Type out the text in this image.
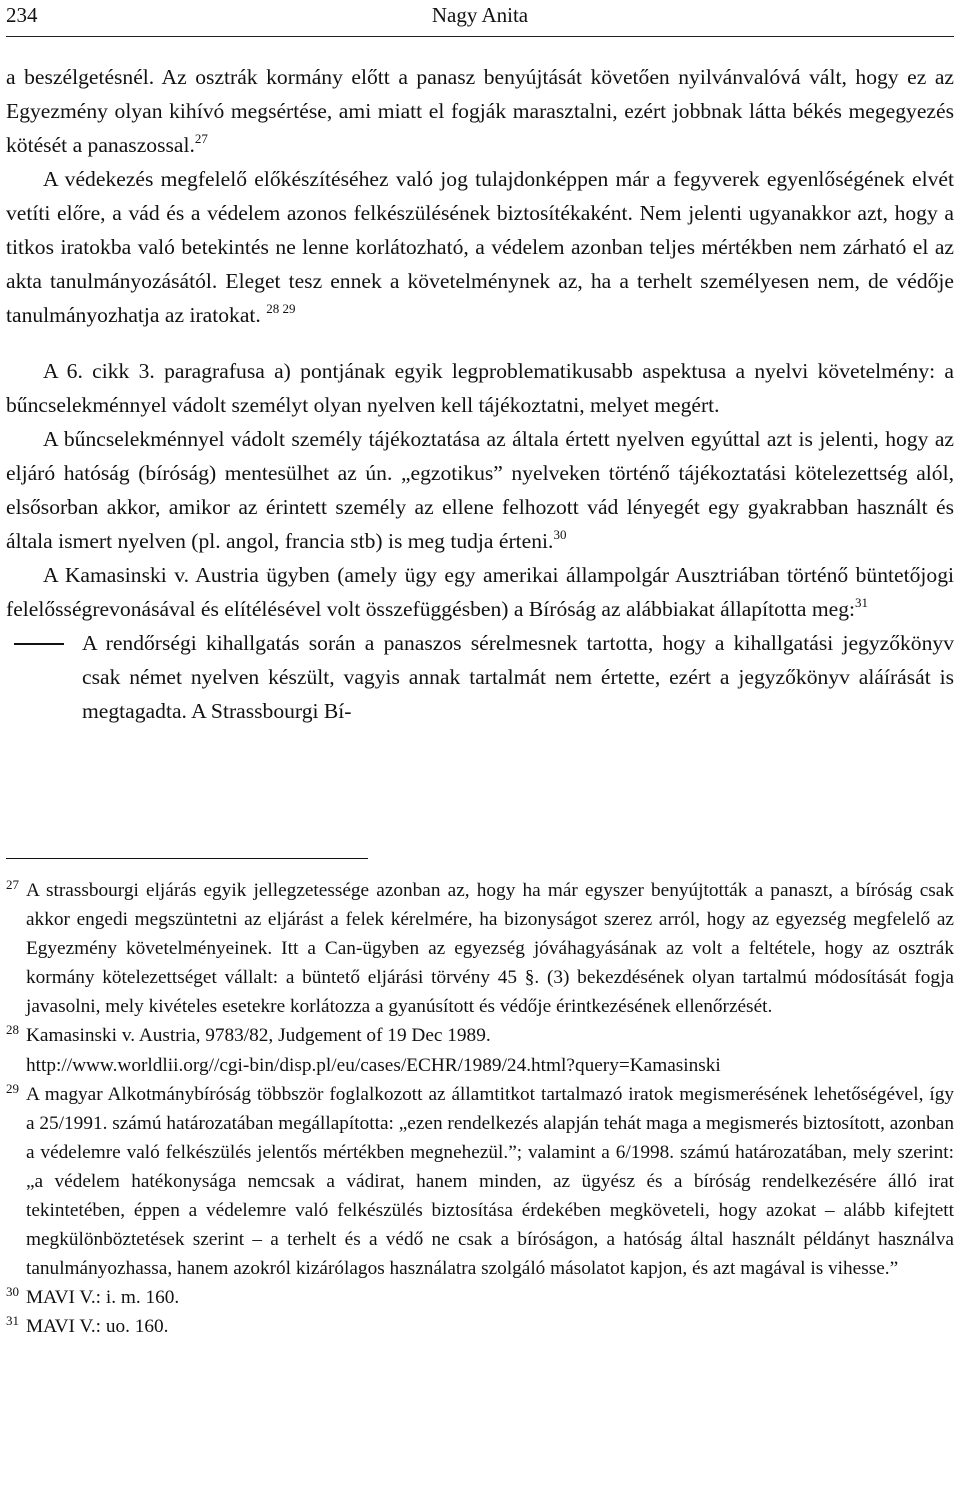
234	Nagy Anita

a beszélgetésnél. Az osztrák kormány előtt a panasz benyújtását követően nyilvánvalóvá vált, hogy ez az Egyezmény olyan kihívó megsértése, ami miatt el fogják marasztalni, ezért jobbnak látta békés megegyezés kötését a panaszossal.$^{27}$

A védekezés megfelelő előkészítéséhez való jog tulajdonképpen már a fegyverek egyenlőségének elvét vetíti előre, a vád és a védelem azonos felkészülésének biztosítékaként. Nem jelenti ugyanakkor azt, hogy a titkos iratokba való betekintés ne lenne korlátozható, a védelem azonban teljes mértékben nem zárható el az akta tanulmányozásától. Eleget tesz ennek a követelménynek az, ha a terhelt személyesen nem, de védője tanulmányozhatja az iratokat. $^{28 29}$

A 6. cikk 3. paragrafusa a) pontjának egyik legproblematikusabb aspektusa a nyelvi követelmény: a bűncselekménnyel vádolt személyt olyan nyelven kell tájékoztatni, melyet megért.

A bűncselekménnyel vádolt személy tájékoztatása az általa értett nyelven egyúttal azt is jelenti, hogy az eljáró hatóság (bíróság) mentesülhet az ún. „egzotikus” nyelveken történő tájékoztatási kötelezettség alól, elsősorban akkor, amikor az érintett személy az ellene felhozott vád lényegét egy gyakrabban használt és általa ismert nyelven (pl. angol, francia stb) is meg tudja érteni.$^{30}$

A Kamasinski v. Austria ügyben (amely ügy egy amerikai állampolgár Ausztriában történő büntetőjogi felelősségrevonásával és elítélésével volt összefüggésben) a Bíróság az alábbiakat állapította meg:$^{31}$

A rendőrségi kihallgatás során a panaszos sérelmesnek tartotta, hogy a kihallgatási jegyzőkönyv csak német nyelven készült, vagyis annak tartalmát nem értette, ezért a jegyzőkönyv aláírását is megtagadta. A Strassbourgi Bí-
27 A strassbourgi eljárás egyik jellegzetessége azonban az, hogy ha már egyszer benyújtották a panaszt, a bíróság csak akkor engedi megszüntetni az eljárást a felek kérelmére, ha bizonyságot szerez arról, hogy az egyezség megfelelő az Egyezmény követelményeinek. Itt a Can-ügyben az egyezség jóváhagyásának az volt a feltétele, hogy az osztrák kormány kötelezettséget vállalt: a büntető eljárási törvény 45 §. (3) bekezdésének olyan tartalmú módosítását fogja javasolni, mely kivételes esetekre korlátozza a gyanúsított és védője érintkezésének ellenőrzését.
28 Kamasinski v. Austria, 9783/82, Judgement of 19 Dec 1989.
http://www.worldlii.org//cgi-bin/disp.pl/eu/cases/ECHR/1989/24.html?query=Kamasinski
29 A magyar Alkotmánybíróság többször foglalkozott az államtitkot tartalmazó iratok megismerésének lehetőségével, így a 25/1991. számú határozatában megállapította: „ezen rendelkezés alapján tehát maga a megismerés biztosított, azonban a védelemre való felkészülés jelentős mértékben megnehezül.”; valamint a 6/1998. számú határozatában, mely szerint: „a védelem hatékonysága nemcsak a vádirat, hanem minden, az ügyész és a bíróság rendelkezésére álló irat tekintetében, éppen a védelemre való felkészülés biztosítása érdekében megköveteli, hogy azokat – alább kifejtett megkülönböztetések szerint – a terhelt és a védő ne csak a bíróságon, a hatóság által használt példányt használva tanulmányozhassa, hanem azokról kizárólagos használatra szolgáló másolatot kapjon, és azt magával is vihesse.”
30 MAVI V.: i. m. 160.
31 MAVI V.: uo. 160.
